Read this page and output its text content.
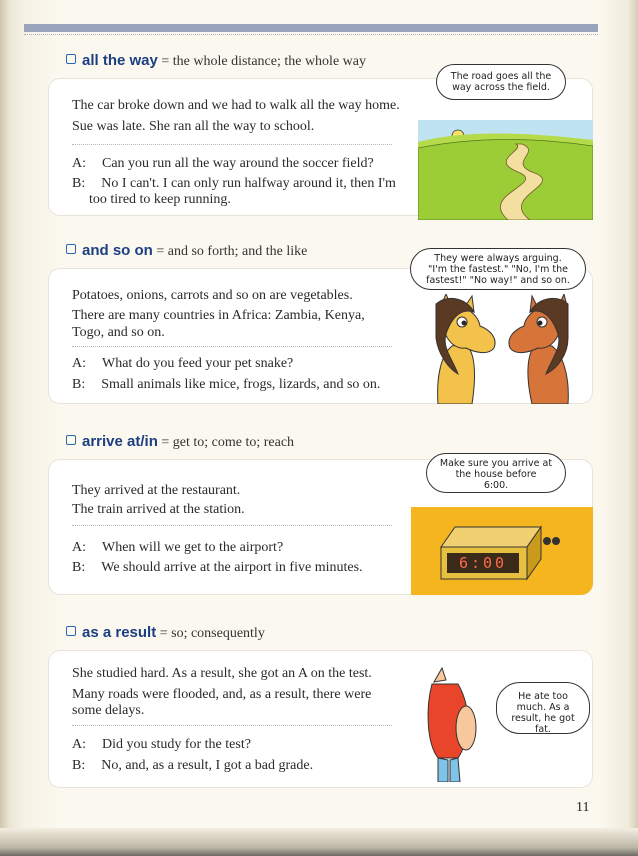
all the way = the whole distance; the whole way
The car broke down and we had to walk all the way home.
Sue was late. She ran all the way to school.
A: Can you run all the way around the soccer field?
B: No I can't. I can only run halfway around it, then I'm
too tired to keep running.
The road goes all the
way across the field.
and so on = and so forth; and the like
Potatoes, onions, carrots and so on are vegetables.
There are many countries in Africa: Zambia, Kenya,
Togo, and so on.
A: What do you feed your pet snake?
B: Small animals like mice, frogs, lizards, and so on.
They were always arguing.
"I'm the fastest." "No, I'm the
fastest!" "No way!" and so on.
arrive at/in = get to; come to; reach
They arrived at the restaurant.
The train arrived at the station.
A: When will we get to the airport?
B: We should arrive at the airport in five minutes.
Make sure you arrive at
the house before
6:00.
6:00
as a result = so; consequently
She studied hard. As a result, she got an A on the test.
Many roads were flooded, and, as a result, there were
some delays.
A: Did you study for the test?
B: No, and, as a result, I got a bad grade.
He ate too
much. As a
result, he got fat.
11
